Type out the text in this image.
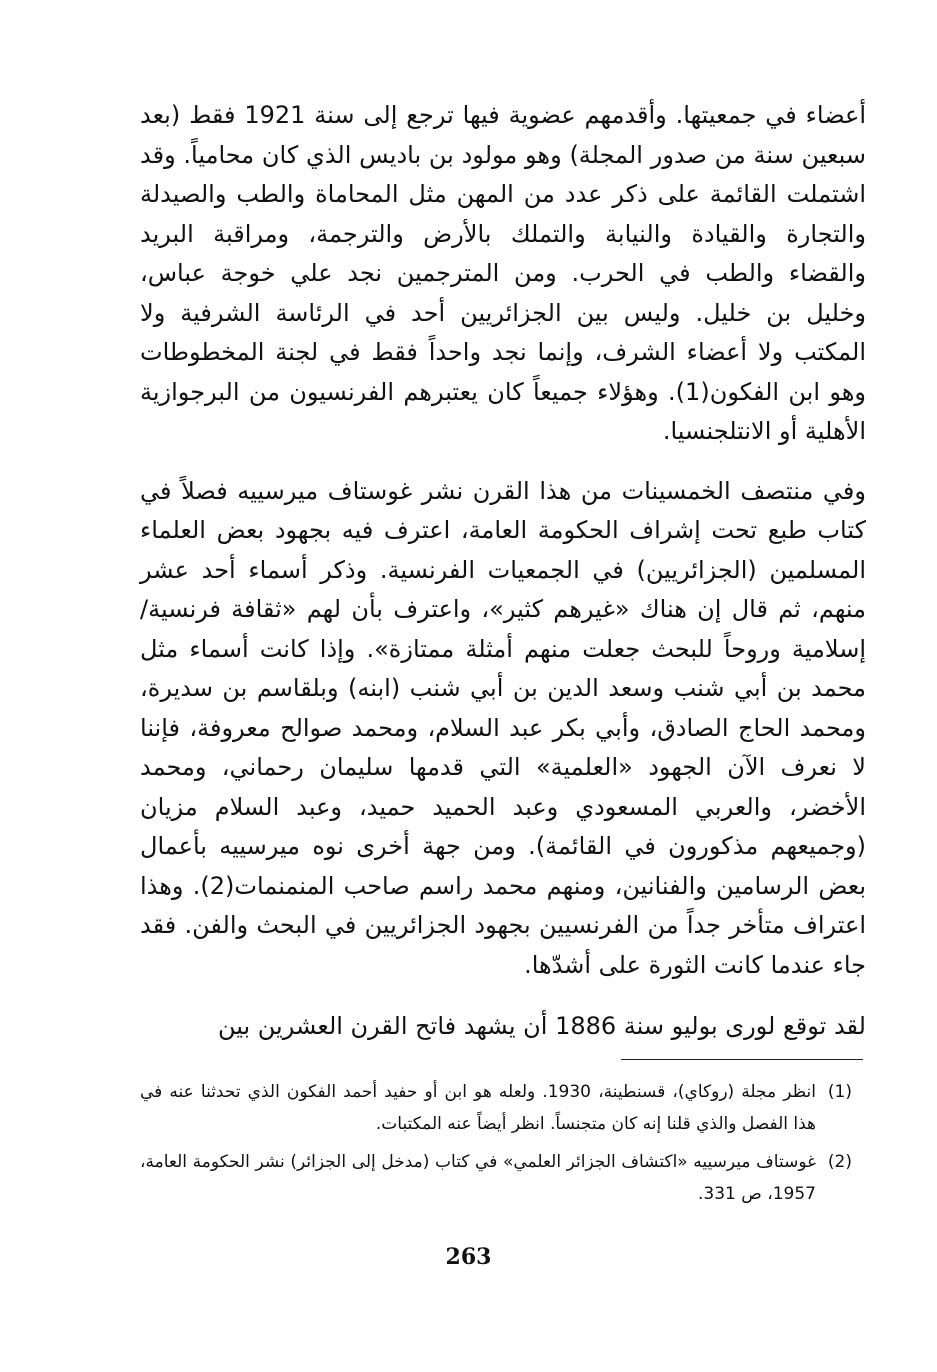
أعضاء في جمعيتها. وأقدمهم عضوية فيها ترجع إلى سنة 1921 فقط (بعد سبعين سنة من صدور المجلة) وهو مولود بن باديس الذي كان محامياً. وقد اشتملت القائمة على ذكر عدد من المهن مثل المحاماة والطب والصيدلة والتجارة والقيادة والنيابة والتملك بالأرض والترجمة، ومراقبة البريد والقضاء والطب في الحرب. ومن المترجمين نجد علي خوجة عباس، وخليل بن خليل. وليس بين الجزائريين أحد في الرئاسة الشرفية ولا المكتب ولا أعضاء الشرف، وإنما نجد واحداً فقط في لجنة المخطوطات وهو ابن الفكون(1). وهؤلاء جميعاً كان يعتبرهم الفرنسيون من البرجوازية الأهلية أو الانتلجنسيا.

وفي منتصف الخمسينات من هذا القرن نشر غوستاف ميرسييه فصلاً في كتاب طبع تحت إشراف الحكومة العامة، اعترف فيه بجهود بعض العلماء المسلمين (الجزائريين) في الجمعيات الفرنسية. وذكر أسماء أحد عشر منهم، ثم قال إن هناك «غيرهم كثير»، واعترف بأن لهم «ثقافة فرنسية/ إسلامية وروحاً للبحث جعلت منهم أمثلة ممتازة». وإذا كانت أسماء مثل محمد بن أبي شنب وسعد الدين بن أبي شنب (ابنه) وبلقاسم بن سديرة، ومحمد الحاج الصادق، وأبي بكر عبد السلام، ومحمد صوالح معروفة، فإننا لا نعرف الآن الجهود «العلمية» التي قدمها سليمان رحماني، ومحمد الأخضر، والعربي المسعودي وعبد الحميد حميد، وعبد السلام مزيان (وجميعهم مذكورون في القائمة). ومن جهة أخرى نوه ميرسييه بأعمال بعض الرسامين والفنانين، ومنهم محمد راسم صاحب المنمنمات(2). وهذا اعتراف متأخر جداً من الفرنسيين بجهود الجزائريين في البحث والفن. فقد جاء عندما كانت الثورة على أشدّها.

لقد توقع لورى بوليو سنة 1886 أن يشهد فاتح القرن العشرين بين

(1)
انظر مجلة (روكاي)، قسنطينة، 1930. ولعله هو ابن أو حفيد أحمد الفكون الذي تحدثنا عنه في هذا الفصل والذي قلنا إنه كان متجنساً. انظر أيضاً عنه المكتبات.
(2)
غوستاف ميرسييه «اكتشاف الجزائر العلمي» في كتاب (مدخل إلى الجزائر) نشر الحكومة العامة، 1957، ص 331.
263
